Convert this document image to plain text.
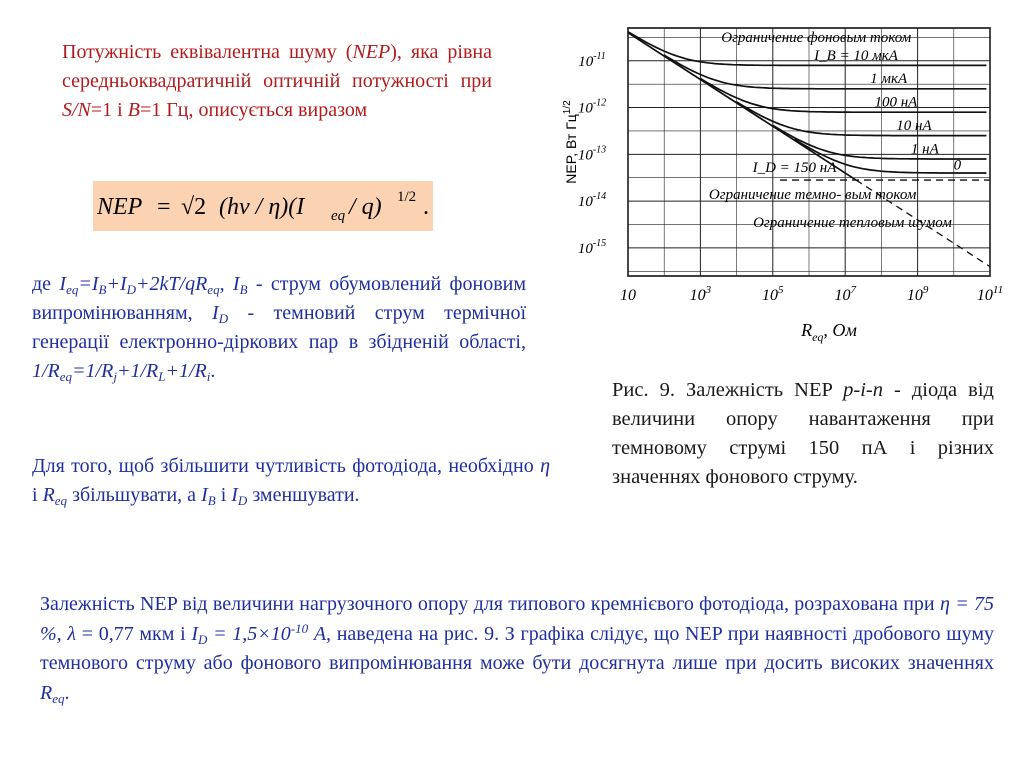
Потужність еквівалентна шуму (NEP), яка рівна середньоквадратичній оптичній потужності при S/N=1 і B=1 Гц, описується виразом
NEP = √2 (hν / η)(I eq / q) 1/2 .
де $I_{eq}=I_B+I_D+2kT/qR_{eq}$, $I_B$ - струм обумовлений фоновим випромінюванням, $I_D$ - темновий струм термічної генерації електронно-діркових пар в збідненій області, $1/R_{eq}=1/R_j+1/R_L+1/R_i$.
Для того, щоб збільшити чутливість фотодіода, необхідно η і $R_{eq}$ збільшувати, а $I_B$ і $I_D$ зменшувати.
Рис. 9. Залежність NEP p-i-n - діода від величини опору навантаження при темновому струмі 150 пА і різних значеннях фонового струму.
Залежність NEP від величини нагрузочного опору для типового кремнієвого фотодіода, розрахована при η = 75 %, λ = 0,77 мкм і $I_D = 1,5\times 10^{-10}$ А, наведена на рис. 9. З графіка слідує, що NEP при наявності дробового шуму темнового струму або фонового випромінювання може бути досягнута лише при досить високих значеннях $R_{eq}$.
10	$10^3$	$10^5$	$10^7$	$10^9$	$10^{11}$
$10^{-11}$
$10^{-12}$
$10^{-13}$
$10^{-14}$
$10^{-15}$
$R_{eq}$, Ом
NEP, Вт $Гц^{1/2}$
Ограничение фоновым током
I_B = 10 мкА
1 мкА
100 нА
10 нА
1 нА
0
I_D = 150 нА
Ограничение темно- вым током
Ограничение тепловым шумом
